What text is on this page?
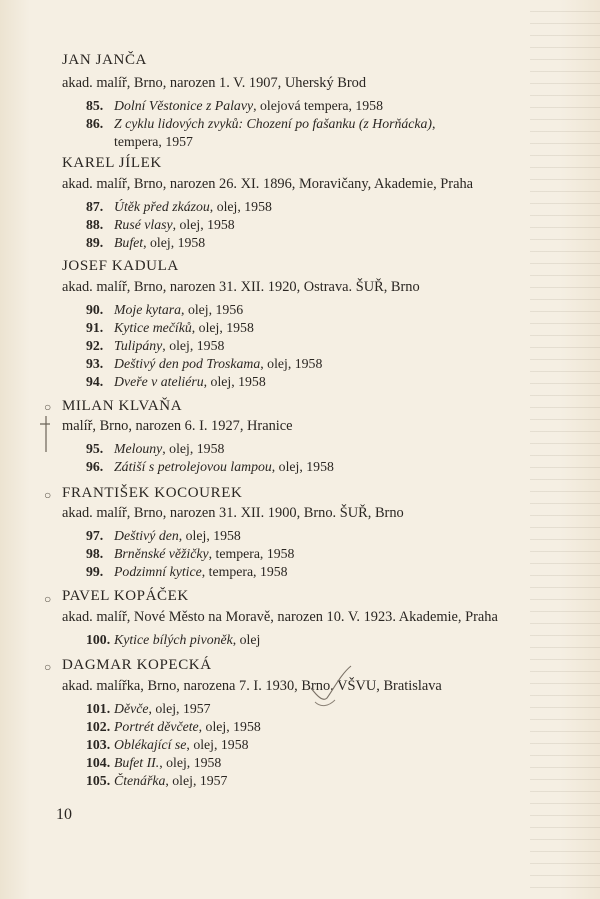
JAN JANČA
akad. malíř, Brno, narozen 1. V. 1907, Uherský Brod
85. Dolní Věstonice z Palavy, olejová tempera, 1958
86. Z cyklu lidových zvyků: Chození po fašanku (z Horňácka),
tempera, 1957
KAREL JÍLEK
akad. malíř, Brno, narozen 26. XI. 1896, Moravičany, Akademie, Praha
87. Útěk před zkázou, olej, 1958
88. Rusé vlasy, olej, 1958
89. Bufet, olej, 1958
JOSEF KADULA
akad. malíř, Brno, narozen 31. XII. 1920, Ostrava. ŠUŘ, Brno
90. Moje kytara, olej, 1956
91. Kytice mečíků, olej, 1958
92. Tulipány, olej, 1958
93. Deštivý den pod Troskama, olej, 1958
94. Dveře v ateliéru, olej, 1958
○ MILAN KLVAŇA
malíř, Brno, narozen 6. I. 1927, Hranice
95. Melouny, olej, 1958
96. Zátiší s petrolejovou lampou, olej, 1958
○ FRANTIŠEK KOCOUREK
akad. malíř, Brno, narozen 31. XII. 1900, Brno. ŠUŘ, Brno
97. Deštivý den, olej, 1958
98. Brněnské věžičky, tempera, 1958
99. Podzimní kytice, tempera, 1958
○ PAVEL KOPÁČEK
akad. malíř, Nové Město na Moravě, narozen 10. V. 1923. Akademie, Praha
100. Kytice bílých pivoněk, olej
○ DAGMAR KOPECKÁ
akad. malířka, Brno, narozena 7. I. 1930, Brno. VŠVU, Bratislava
101. Děvče, olej, 1957
102. Portrét děvčete, olej, 1958
103. Oblékající se, olej, 1958
104. Bufet II., olej, 1958
105. Čtenářka, olej, 1957
10
